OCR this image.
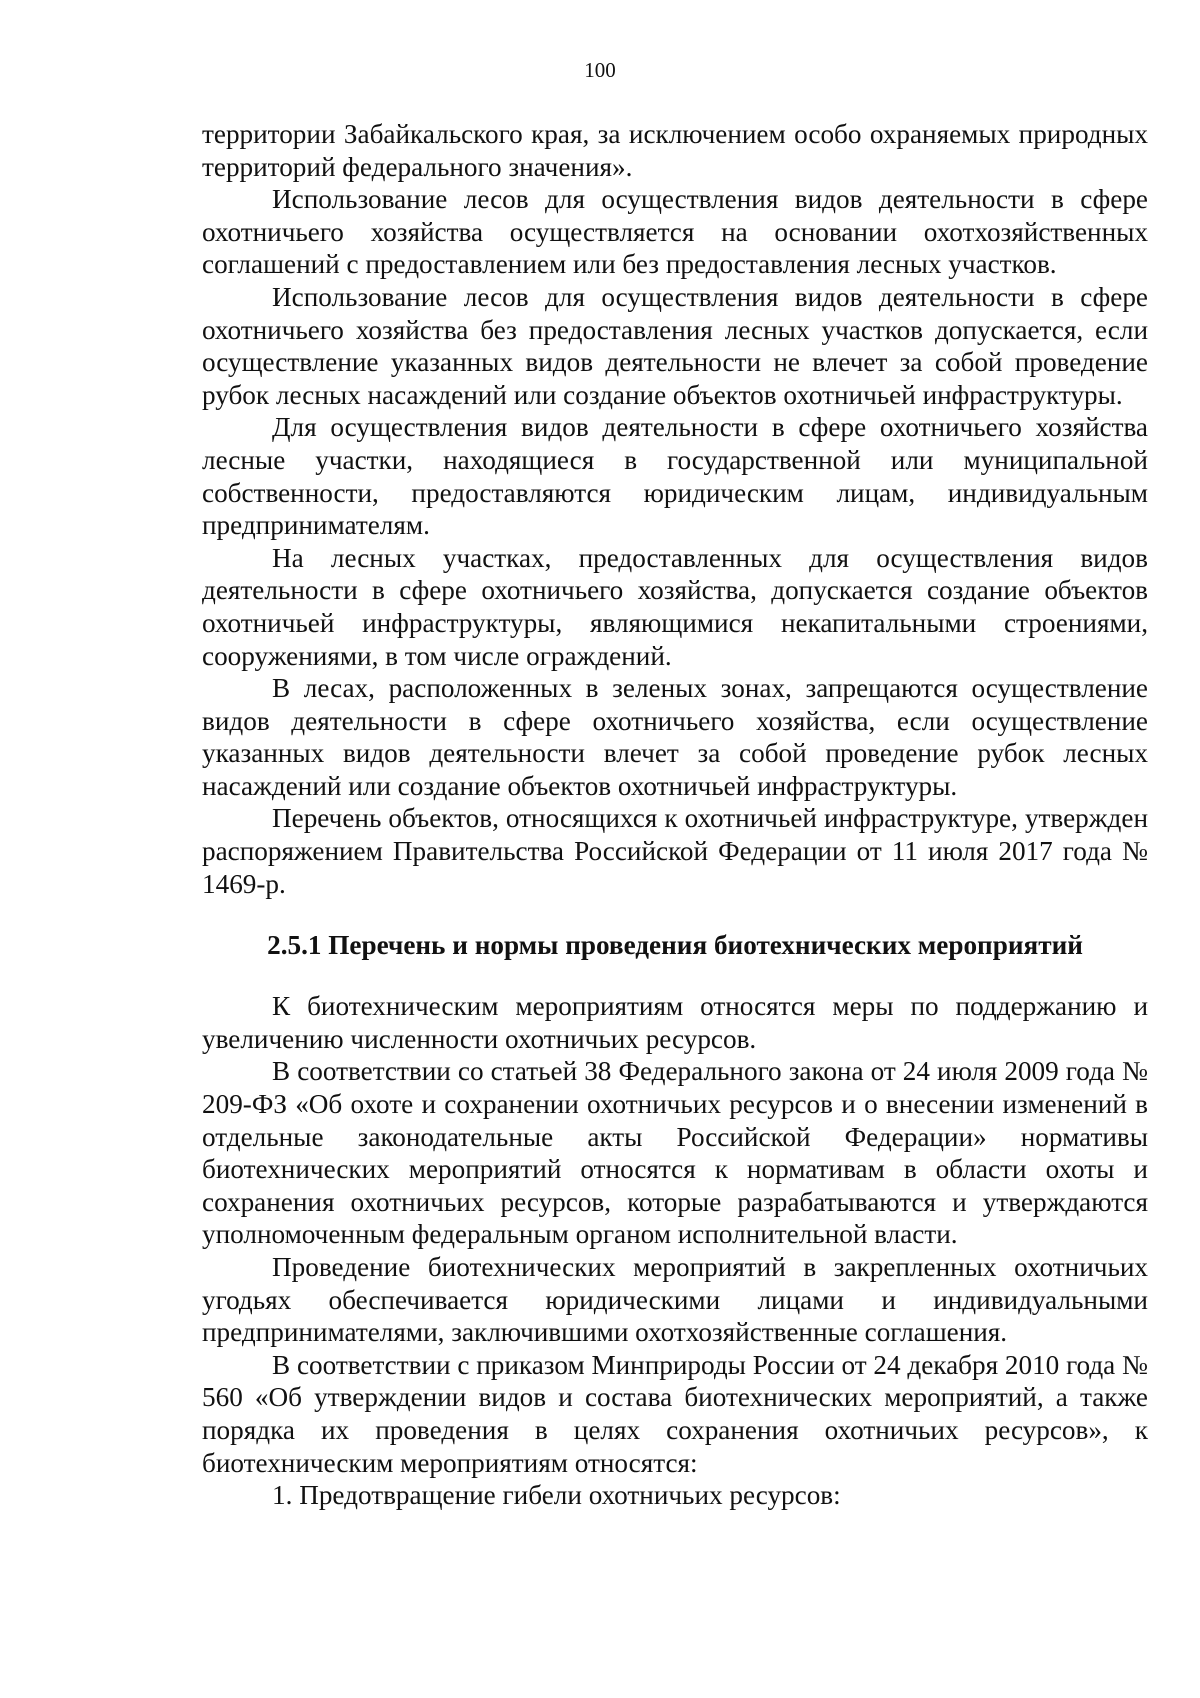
100

территории Забайкальского края, за исключением особо охраняемых природных территорий федерального значения».

Использование лесов для осуществления видов деятельности в сфере охотничьего хозяйства осуществляется на основании охотхозяйственных соглашений с предоставлением или без предоставления лесных участков.

Использование лесов для осуществления видов деятельности в сфере охотничьего хозяйства без предоставления лесных участков допускается, если осуществление указанных видов деятельности не влечет за собой проведение рубок лесных насаждений или создание объектов охотничьей инфраструктуры.

Для осуществления видов деятельности в сфере охотничьего хозяйства лесные участки, находящиеся в государственной или муниципальной собственности, предоставляются юридическим лицам, индивидуальным предпринимателям.

На лесных участках, предоставленных для осуществления видов деятельности в сфере охотничьего хозяйства, допускается создание объектов охотничьей инфраструктуры, являющимися некапитальными строениями, сооружениями, в том числе ограждений.

В лесах, расположенных в зеленых зонах, запрещаются осуществление видов деятельности в сфере охотничьего хозяйства, если осуществление указанных видов деятельности влечет за собой проведение рубок лесных насаждений или создание объектов охотничьей инфраструктуры.

Перечень объектов, относящихся к охотничьей инфраструктуре, утвержден распоряжением Правительства Российской Федерации от 11 июля 2017 года № 1469-р.

2.5.1 Перечень и нормы проведения биотехнических мероприятий

К биотехническим мероприятиям относятся меры по поддержанию и увеличению численности охотничьих ресурсов.

В соответствии со статьей 38 Федерального закона от 24 июля 2009 года № 209-ФЗ «Об охоте и сохранении охотничьих ресурсов и о внесении изменений в отдельные законодательные акты Российской Федерации» нормативы биотехнических мероприятий относятся к нормативам в области охоты и сохранения охотничьих ресурсов, которые разрабатываются и утверждаются уполномоченным федеральным органом исполнительной власти.

Проведение биотехнических мероприятий в закрепленных охотничьих угодьях обеспечивается юридическими лицами и индивидуальными предпринимателями, заключившими охотхозяйственные соглашения.

В соответствии с приказом Минприроды России от 24 декабря 2010 года № 560 «Об утверждении видов и состава биотехнических мероприятий, а также порядка их проведения в целях сохранения охотничьих ресурсов», к биотехническим мероприятиям относятся:

1. Предотвращение гибели охотничьих ресурсов:
